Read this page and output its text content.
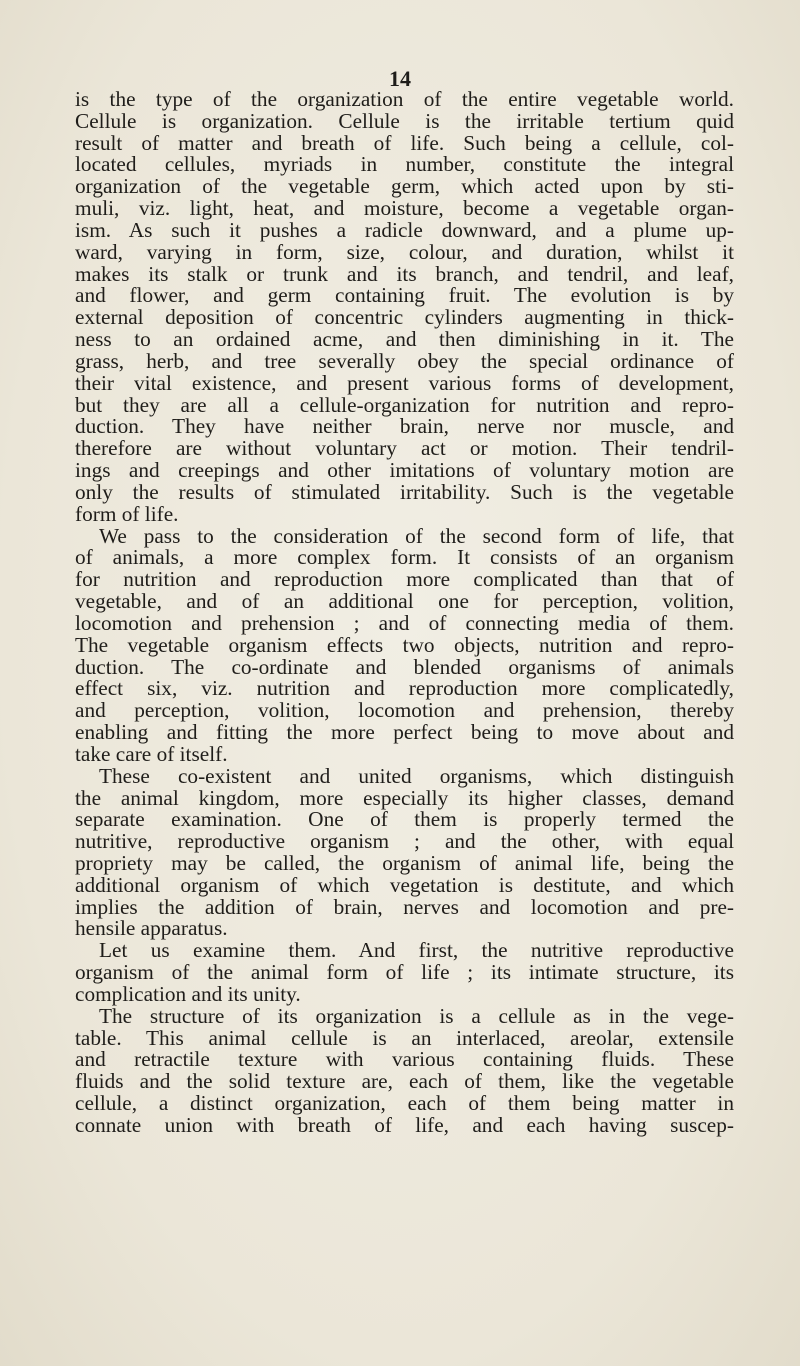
14
is the type of the organization of the entire vegetable world.
Cellule is organization. Cellule is the irritable tertium quid
result of matter and breath of life. Such being a cellule, col-
located cellules, myriads in number, constitute the integral
organization of the vegetable germ, which acted upon by sti-
muli, viz. light, heat, and moisture, become a vegetable organ-
ism. As such it pushes a radicle downward, and a plume up-
ward, varying in form, size, colour, and duration, whilst it
makes its stalk or trunk and its branch, and tendril, and leaf,
and flower, and germ containing fruit. The evolution is by
external deposition of concentric cylinders augmenting in thick-
ness to an ordained acme, and then diminishing in it. The
grass, herb, and tree severally obey the special ordinance of
their vital existence, and present various forms of development,
but they are all a cellule-organization for nutrition and repro-
duction. They have neither brain, nerve nor muscle, and
therefore are without voluntary act or motion. Their tendril-
ings and creepings and other imitations of voluntary motion are
only the results of stimulated irritability. Such is the vegetable
form of life.
We pass to the consideration of the second form of life, that
of animals, a more complex form. It consists of an organism
for nutrition and reproduction more complicated than that of
vegetable, and of an additional one for perception, volition,
locomotion and prehension ; and of connecting media of them.
The vegetable organism effects two objects, nutrition and repro-
duction. The co-ordinate and blended organisms of animals
effect six, viz. nutrition and reproduction more complicatedly,
and perception, volition, locomotion and prehension, thereby
enabling and fitting the more perfect being to move about and
take care of itself.
These co-existent and united organisms, which distinguish
the animal kingdom, more especially its higher classes, demand
separate examination. One of them is properly termed the
nutritive, reproductive organism ; and the other, with equal
propriety may be called, the organism of animal life, being the
additional organism of which vegetation is destitute, and which
implies the addition of brain, nerves and locomotion and pre-
hensile apparatus.
Let us examine them. And first, the nutritive reproductive
organism of the animal form of life ; its intimate structure, its
complication and its unity.
The structure of its organization is a cellule as in the vege-
table. This animal cellule is an interlaced, areolar, extensile
and retractile texture with various containing fluids. These
fluids and the solid texture are, each of them, like the vegetable
cellule, a distinct organization, each of them being matter in
connate union with breath of life, and each having suscep-
